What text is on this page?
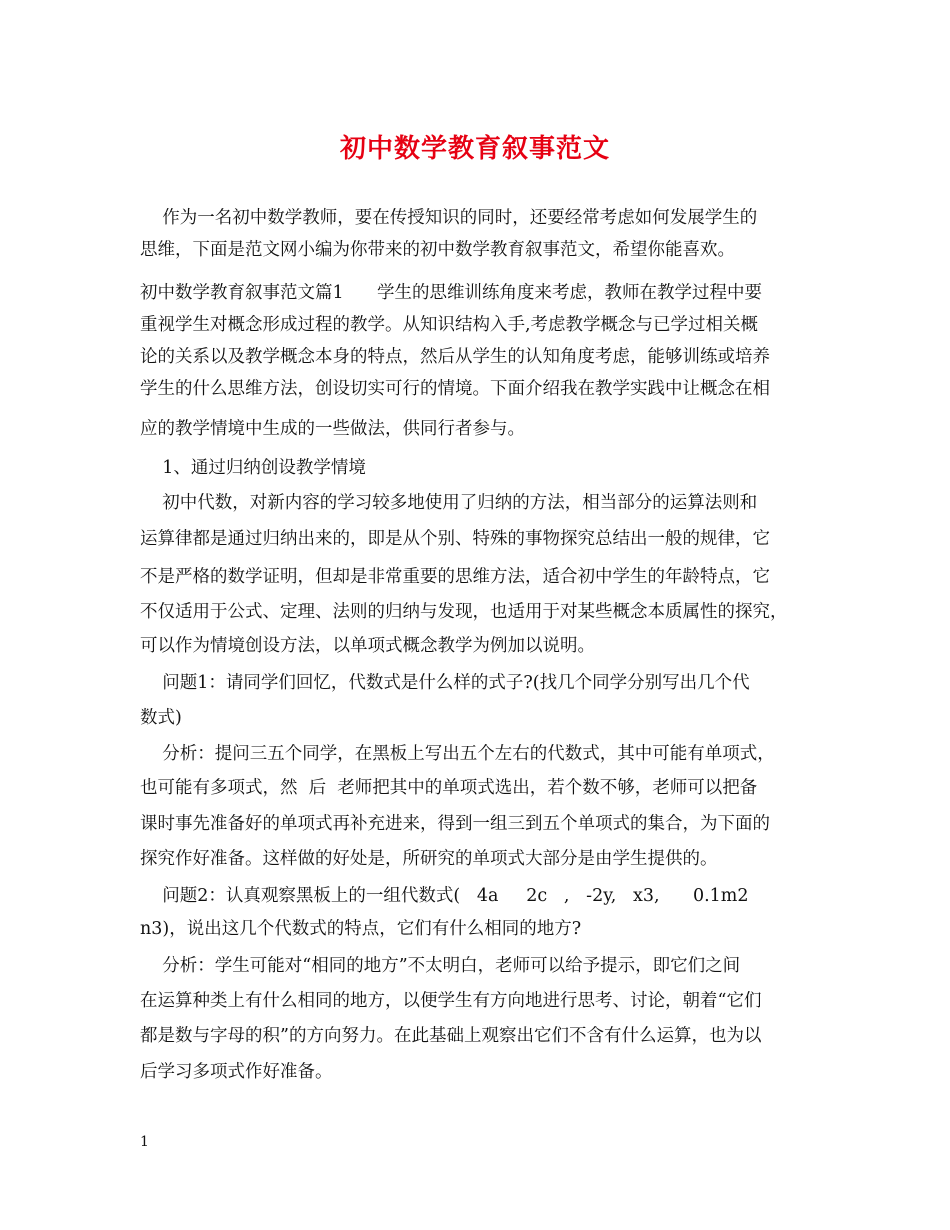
初中数学教育叙事范文

作为一名初中数学教师，要在传授知识的同时，还要经常考虑如何发展学生的

思维，下面是范文网小编为你带来的初中数学教育叙事范文，希望你能喜欢。

初中数学教育叙事范文篇1      学生的思维训练角度来考虑，教师在教学过程中要

重视学生对概念形成过程的教学。从知识结构入手,考虑教学概念与已学过相关概

论的关系以及教学概念本身的特点，然后从学生的认知角度考虑，能够训练或培养

学生的什么思维方法，创设切实可行的情境。下面介绍我在教学实践中让概念在相

应的教学情境中生成的一些做法，供同行者参与。

1、通过归纳创设教学情境

初中代数，对新内容的学习较多地使用了归纳的方法，相当部分的运算法则和

运算律都是通过归纳出来的，即是从个别、特殊的事物探究总结出一般的规律，它

不是严格的数学证明，但却是非常重要的思维方法，适合初中学生的年龄特点，它

不仅适用于公式、定理、法则的归纳与发现，也适用于对某些概念本质属性的探究，

可以作为情境创设方法，以单项式概念教学为例加以说明。

问题1：请同学们回忆，代数式是什么样的式子?(找几个同学分别写出几个代

数式)

分析：提问三五个同学，在黑板上写出五个左右的代数式，其中可能有单项式，

也可能有多项式，然  后  老师把其中的单项式选出，若个数不够，老师可以把备

课时事先准备好的单项式再补充进来，得到一组三到五个单项式的集合，为下面的

探究作好准备。这样做的好处是，所研究的单项式大部分是由学生提供的。

问题2：认真观察黑板上的一组代数式(   4a     2c   ,   -2y,   x3,      0.1m2

n3)，说出这几个代数式的特点，它们有什么相同的地方?

分析：学生可能对“相同的地方”不太明白，老师可以给予提示，即它们之间

在运算种类上有什么相同的地方，以便学生有方向地进行思考、讨论，朝着“它们

都是数与字母的积”的方向努力。在此基础上观察出它们不含有什么运算，也为以

后学习多项式作好准备。

1
